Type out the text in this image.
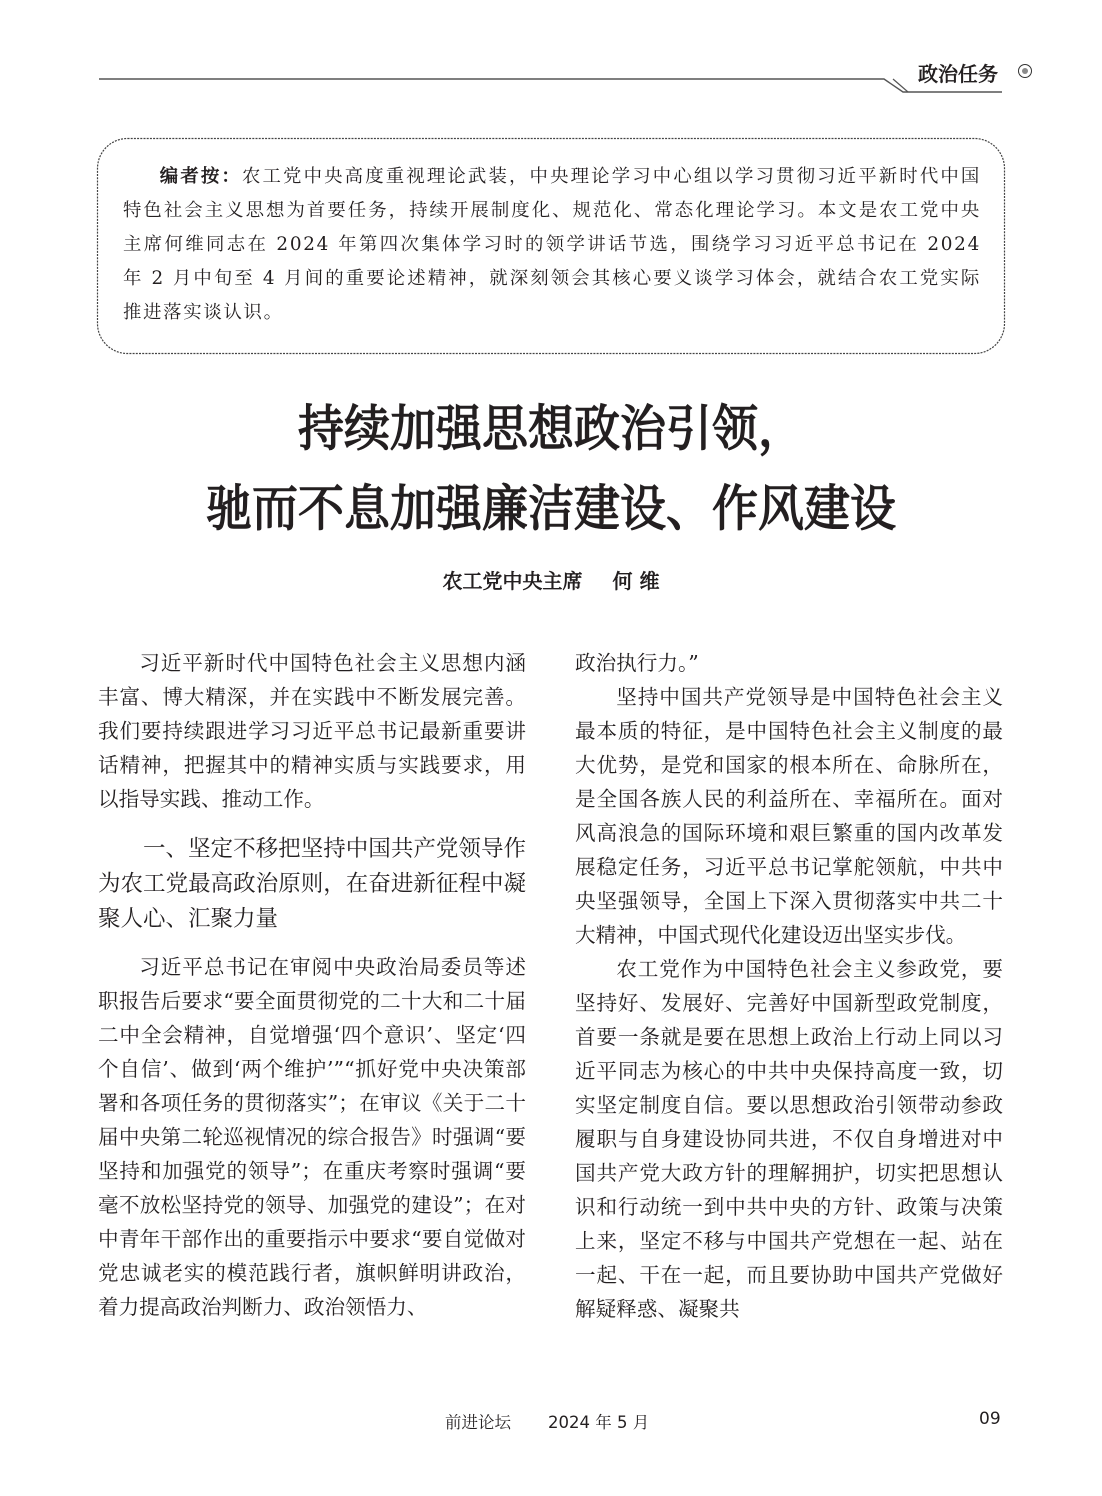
政治任务
编者按：农工党中央高度重视理论武装，中央理论学习中心组以学习贯彻习近平新时代中国特色社会主义思想为首要任务，持续开展制度化、规范化、常态化理论学习。本文是农工党中央主席何维同志在 2024 年第四次集体学习时的领学讲话节选，围绕学习习近平总书记在 2024 年 2 月中旬至 4 月间的重要论述精神，就深刻领会其核心要义谈学习体会，就结合农工党实际推进落实谈认识。
持续加强思想政治引领，
驰而不息加强廉洁建设、作风建设
农工党中央主席 何 维

习近平新时代中国特色社会主义思想内涵丰富、博大精深，并在实践中不断发展完善。我们要持续跟进学习习近平总书记最新重要讲话精神，把握其中的精神实质与实践要求，用以指导实践、推动工作。

一、坚定不移把坚持中国共产党领导作为农工党最高政治原则，在奋进新征程中凝聚人心、汇聚力量

习近平总书记在审阅中央政治局委员等述职报告后要求“要全面贯彻党的二十大和二十届二中全会精神，自觉增强‘四个意识’、坚定‘四个自信’、做到‘两个维护’”“抓好党中央决策部署和各项任务的贯彻落实”；在审议《关于二十届中央第二轮巡视情况的综合报告》时强调“要坚持和加强党的领导”；在重庆考察时强调“要毫不放松坚持党的领导、加强党的建设”；在对中青年干部作出的重要指示中要求“要自觉做对党忠诚老实的模范践行者，旗帜鲜明讲政治，着力提高政治判断力、政治领悟力、

政治执行力。”

坚持中国共产党领导是中国特色社会主义最本质的特征，是中国特色社会主义制度的最大优势，是党和国家的根本所在、命脉所在，是全国各族人民的利益所在、幸福所在。面对风高浪急的国际环境和艰巨繁重的国内改革发展稳定任务，习近平总书记掌舵领航，中共中央坚强领导，全国上下深入贯彻落实中共二十大精神，中国式现代化建设迈出坚实步伐。

农工党作为中国特色社会主义参政党，要坚持好、发展好、完善好中国新型政党制度，首要一条就是要在思想上政治上行动上同以习近平同志为核心的中共中央保持高度一致，切实坚定制度自信。要以思想政治引领带动参政履职与自身建设协同共进，不仅自身增进对中国共产党大政方针的理解拥护，切实把思想认识和行动统一到中共中央的方针、政策与决策上来，坚定不移与中国共产党想在一起、站在一起、干在一起，而且要协助中国共产党做好解疑释惑、凝聚共

前进论坛 2024 年 5 月	09
